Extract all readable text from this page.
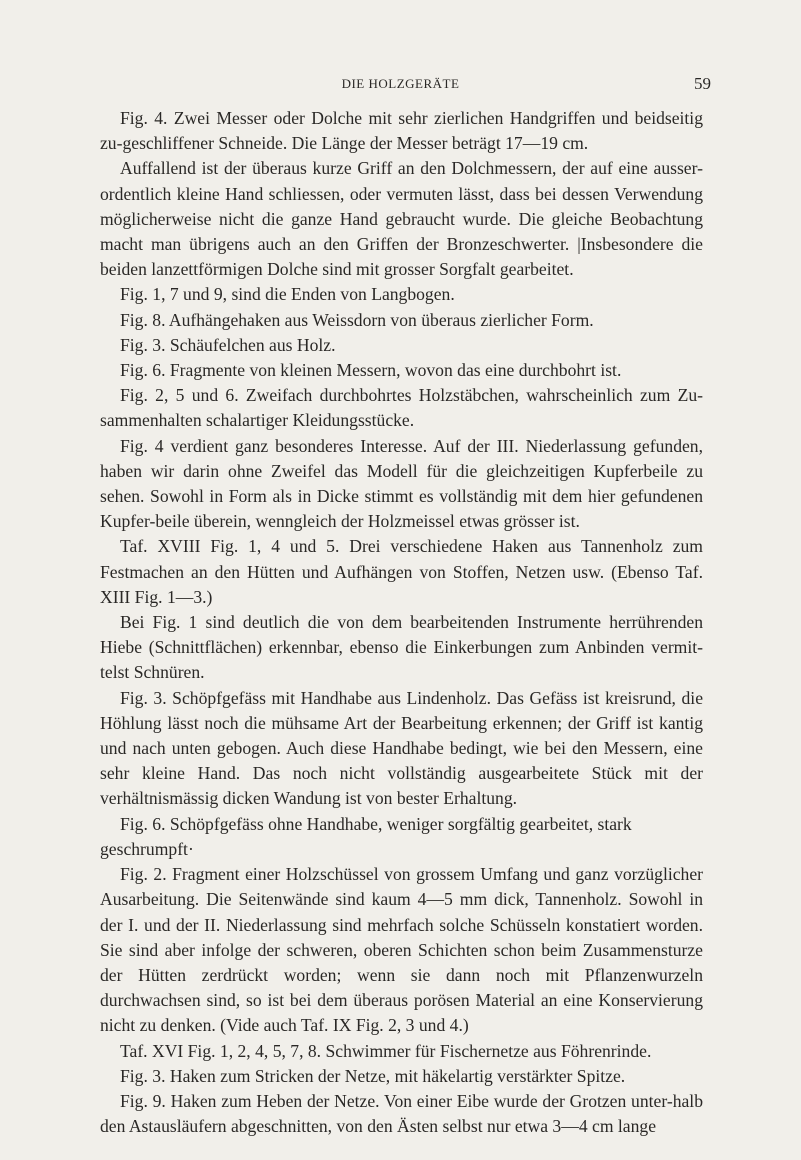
DIE HOLZGERÄTE	59

Fig. 4. Zwei Messer oder Dolche mit sehr zierlichen Handgriffen und beidseitig zu-geschliffener Schneide. Die Länge der Messer beträgt 17—19 cm.

Auffallend ist der überaus kurze Griff an den Dolchmessern, der auf eine ausser-ordentlich kleine Hand schliessen, oder vermuten lässt, dass bei dessen Verwendung möglicherweise nicht die ganze Hand gebraucht wurde. Die gleiche Beobachtung macht man übrigens auch an den Griffen der Bronzeschwerter. |Insbesondere die beiden lanzettförmigen Dolche sind mit grosser Sorgfalt gearbeitet.

Fig. 1, 7 und 9, sind die Enden von Langbogen.

Fig. 8. Aufhängehaken aus Weissdorn von überaus zierlicher Form.

Fig. 3. Schäufelchen aus Holz.

Fig. 6. Fragmente von kleinen Messern, wovon das eine durchbohrt ist.

Fig. 2, 5 und 6. Zweifach durchbohrtes Holzstäbchen, wahrscheinlich zum Zu-sammenhalten schalartiger Kleidungsstücke.

Fig. 4 verdient ganz besonderes Interesse. Auf der III. Niederlassung gefunden, haben wir darin ohne Zweifel das Modell für die gleichzeitigen Kupferbeile zu sehen. Sowohl in Form als in Dicke stimmt es vollständig mit dem hier gefundenen Kupfer-beile überein, wenngleich der Holzmeissel etwas grösser ist.

Taf. XVIII Fig. 1, 4 und 5. Drei verschiedene Haken aus Tannenholz zum Festmachen an den Hütten und Aufhängen von Stoffen, Netzen usw. (Ebenso Taf. XIII Fig. 1—3.)

Bei Fig. 1 sind deutlich die von dem bearbeitenden Instrumente herrührenden Hiebe (Schnittflächen) erkennbar, ebenso die Einkerbungen zum Anbinden vermit-telst Schnüren.

Fig. 3. Schöpfgefäss mit Handhabe aus Lindenholz. Das Gefäss ist kreisrund, die Höhlung lässt noch die mühsame Art der Bearbeitung erkennen; der Griff ist kantig und nach unten gebogen. Auch diese Handhabe bedingt, wie bei den Messern, eine sehr kleine Hand. Das noch nicht vollständig ausgearbeitete Stück mit der verhältnismässig dicken Wandung ist von bester Erhaltung.

Fig. 6. Schöpfgefäss ohne Handhabe, weniger sorgfältig gearbeitet, stark geschrumpft·

Fig. 2. Fragment einer Holzschüssel von grossem Umfang und ganz vorzüglicher Ausarbeitung. Die Seitenwände sind kaum 4—5 mm dick, Tannenholz. Sowohl in der I. und der II. Niederlassung sind mehrfach solche Schüsseln konstatiert worden. Sie sind aber infolge der schweren, oberen Schichten schon beim Zusammensturze der Hütten zerdrückt worden; wenn sie dann noch mit Pflanzenwurzeln durchwachsen sind, so ist bei dem überaus porösen Material an eine Konservierung nicht zu denken. (Vide auch Taf. IX Fig. 2, 3 und 4.)

Taf. XVI Fig. 1, 2, 4, 5, 7, 8. Schwimmer für Fischernetze aus Föhrenrinde.

Fig. 3. Haken zum Stricken der Netze, mit häkelartig verstärkter Spitze.

Fig. 9. Haken zum Heben der Netze. Von einer Eibe wurde der Grotzen unter-halb den Astausläufern abgeschnitten, von den Ästen selbst nur etwa 3—4 cm lange
